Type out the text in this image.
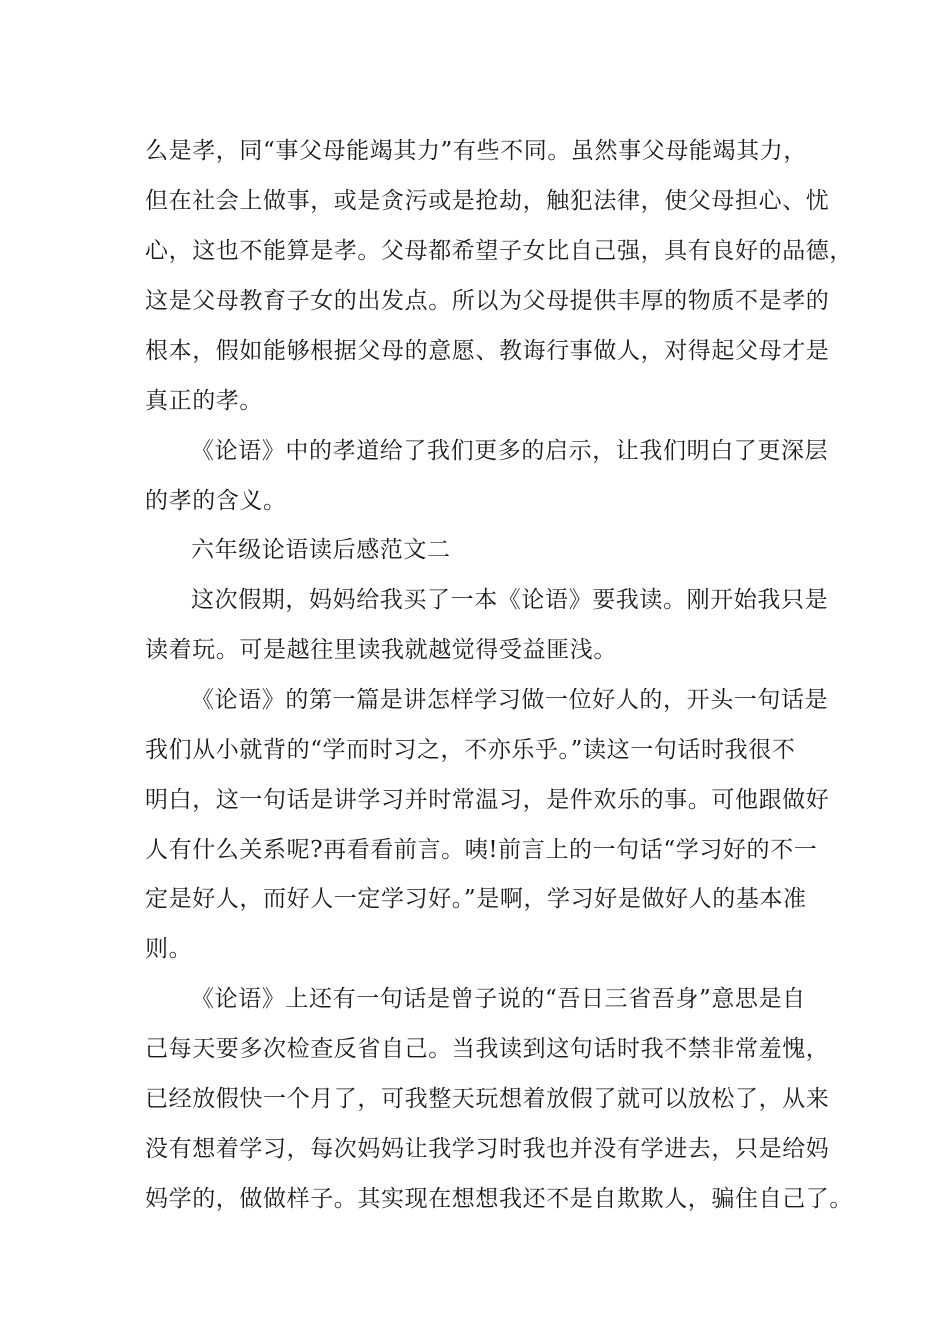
么是孝，同“事父母能竭其力”有些不同。虽然事父母能竭其力，
但在社会上做事，或是贪污或是抢劫，触犯法律，使父母担心、忧
心，这也不能算是孝。父母都希望子女比自己强，具有良好的品德，
这是父母教育子女的出发点。所以为父母提供丰厚的物质不是孝的
根本，假如能够根据父母的意愿、教诲行事做人，对得起父母才是
真正的孝。
《论语》中的孝道给了我们更多的启示，让我们明白了更深层
的孝的含义。
六年级论语读后感范文二
这次假期，妈妈给我买了一本《论语》要我读。刚开始我只是
读着玩。可是越往里读我就越觉得受益匪浅。
《论语》的第一篇是讲怎样学习做一位好人的，开头一句话是
我们从小就背的“学而时习之，不亦乐乎。”读这一句话时我很不
明白，这一句话是讲学习并时常温习，是件欢乐的事。可他跟做好
人有什么关系呢?再看看前言。咦!前言上的一句话“学习好的不一
定是好人，而好人一定学习好。”是啊，学习好是做好人的基本准
则。
《论语》上还有一句话是曾子说的“吾日三省吾身”意思是自
己每天要多次检查反省自己。当我读到这句话时我不禁非常羞愧，
已经放假快一个月了，可我整天玩想着放假了就可以放松了，从来
没有想着学习，每次妈妈让我学习时我也并没有学进去，只是给妈
妈学的，做做样子。其实现在想想我还不是自欺欺人，骗住自己了。
